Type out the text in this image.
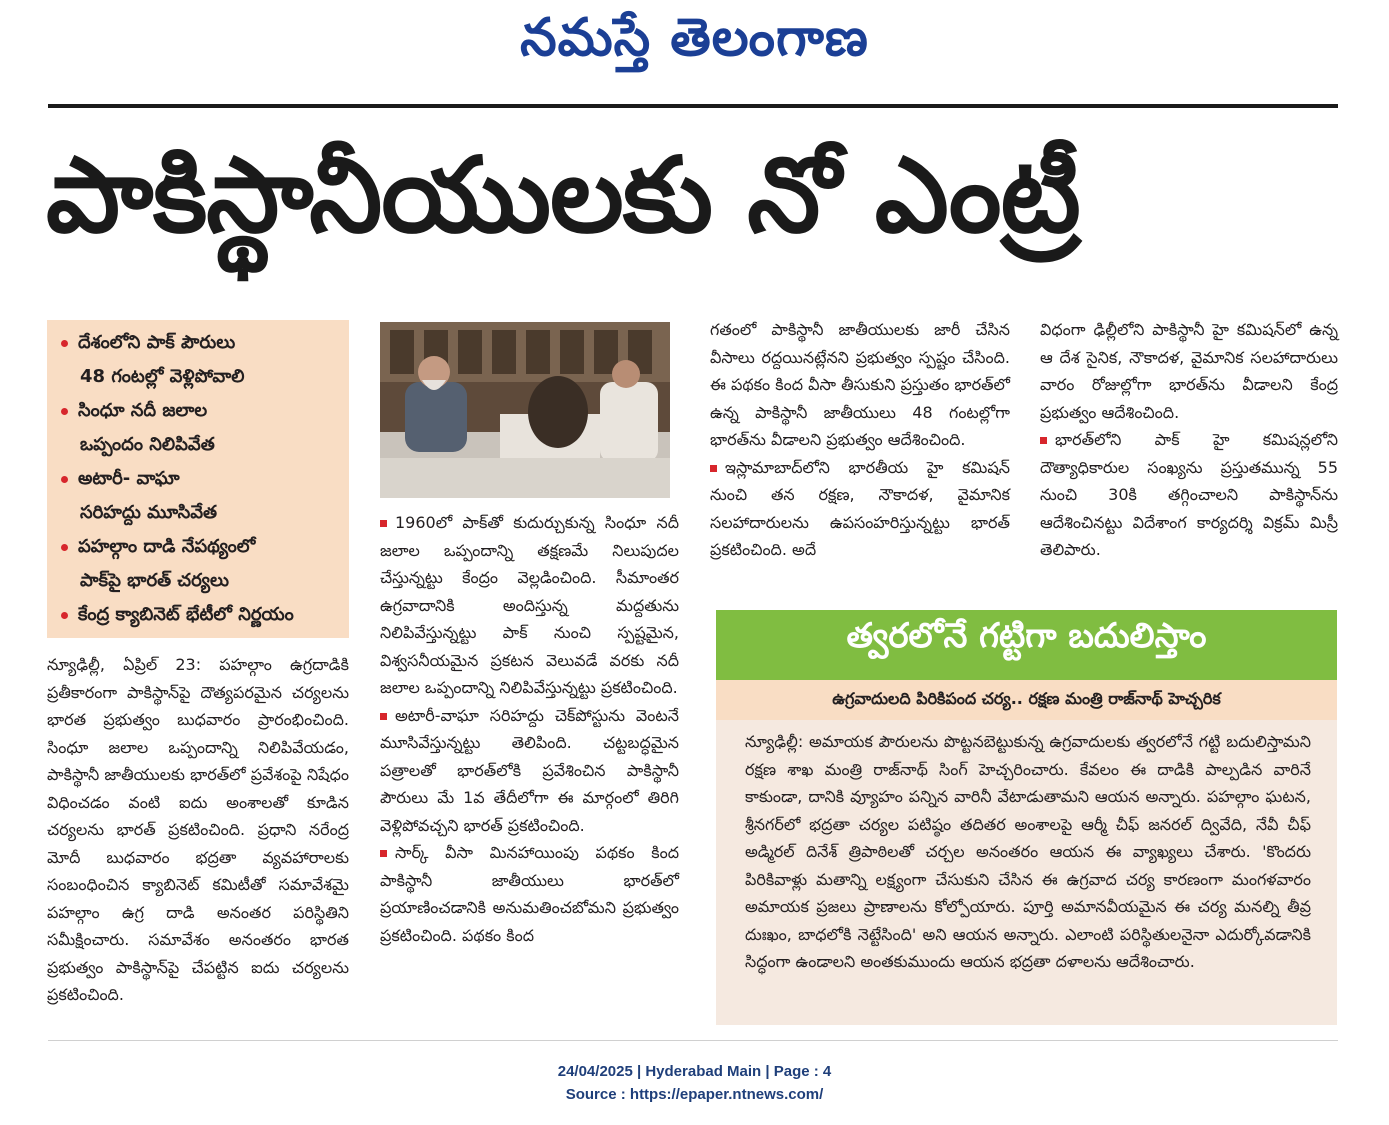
నమస్తే తెలంగాణ
పాకిస్థానీయులకు నో ఎంట్రీ
దేశంలోని పాక్ పౌరులు
48 గంటల్లో వెళ్లిపోవాలి
సింధూ నదీ జలాల
ఒప్పందం నిలిపివేత
అటారీ- వాఘా
సరిహద్దు మూసివేత
పహల్గాం దాడి నేపథ్యంలో
పాక్‌పై భారత్ చర్యలు
కేంద్ర క్యాబినెట్ భేటీలో నిర్ణయం

న్యూఢిల్లీ, ఏప్రిల్ 23: పహల్గాం ఉగ్రదాడికి ప్రతీకారంగా పాకిస్థాన్‌పై దౌత్యపరమైన చర్యలను భారత ప్రభుత్వం బుధవారం ప్రారంభించింది. సింధూ జలాల ఒప్పందాన్ని నిలిపివేయడం, పాకిస్థానీ జాతీయులకు భారత్‌లో ప్రవేశంపై నిషేధం విధించడం వంటి ఐదు అంశాలతో కూడిన చర్యలను భారత్ ప్రకటించింది. ప్రధాని నరేంద్ర మోదీ బుధవారం భద్రతా వ్యవహారాలకు సంబంధించిన క్యాబినెట్ కమిటీతో సమావేశమై పహల్గాం ఉగ్ర దాడి అనంతర పరిస్థితిని సమీక్షించారు. సమావేశం అనంతరం భారత ప్రభుత్వం పాకిస్థాన్‌పై చేపట్టిన ఐదు చర్యలను ప్రకటించింది.

1960లో పాక్‌తో కుదుర్చుకున్న సింధూ నదీ జలాల ఒప్పందాన్ని తక్షణమే నిలుపుదల చేస్తున్నట్టు కేంద్రం వెల్లడించింది. సీమాంతర ఉగ్రవాదానికి అందిస్తున్న మద్దతును నిలిపివేస్తున్నట్టు పాక్ నుంచి స్పష్టమైన, విశ్వసనీయమైన ప్రకటన వెలువడే వరకు నదీ జలాల ఒప్పందాన్ని నిలిపివేస్తున్నట్టు ప్రకటించింది.

అటారీ-వాఘా సరిహద్దు చెక్‌పోస్టును వెంటనే మూసివేస్తున్నట్టు తెలిపింది. చట్టబద్ధమైన పత్రాలతో భారత్‌లోకి ప్రవేశించిన పాకిస్థానీ పౌరులు మే 1వ తేదీలోగా ఈ మార్గంలో తిరిగి వెళ్లిపోవచ్చని భారత్ ప్రకటించింది.

సార్క్ వీసా మినహాయింపు పథకం కింద పాకిస్థానీ జాతీయులు భారత్‌లో ప్రయాణించడానికి అనుమతించబోమని ప్రభుత్వం ప్రకటించింది. పథకం కింద

గతంలో పాకిస్థానీ జాతీయులకు జారీ చేసిన వీసాలు రద్దయినట్లేనని ప్రభుత్వం స్పష్టం చేసింది. ఈ పథకం కింద వీసా తీసుకుని ప్రస్తుతం భారత్‌లో ఉన్న పాకిస్థానీ జాతీయులు 48 గంటల్లోగా భారత్‌ను వీడాలని ప్రభుత్వం ఆదేశించింది.

ఇస్లామాబాద్‌లోని భారతీయ హై కమిషన్ నుంచి తన రక్షణ, నౌకాదళ, వైమానిక సలహాదారులను ఉపసంహరిస్తున్నట్టు భారత్ ప్రకటించింది. అదే

విధంగా ఢిల్లీలోని పాకిస్థానీ హై కమిషన్‌లో ఉన్న ఆ దేశ సైనిక, నౌకాదళ, వైమానిక సలహాదారులు వారం రోజుల్లోగా భారత్‌ను వీడాలని కేంద్ర ప్రభుత్వం ఆదేశించింది.

భారత్‌లోని పాక్ హై కమిషన్లలోని దౌత్యాధికారుల సంఖ్యను ప్రస్తుతమున్న 55 నుంచి 30కి తగ్గించాలని పాకిస్థాన్‌ను ఆదేశించినట్టు విదేశాంగ కార్యదర్శి విక్రమ్ మిస్రీ తెలిపారు.

త్వరలోనే గట్టిగా బదులిస్తాం
ఉగ్రవాదులది పిరికిపంద చర్య.. రక్షణ మంత్రి రాజ్‌నాథ్ హెచ్చరిక

న్యూఢిల్లీ: అమాయక పౌరులను పొట్టనబెట్టుకున్న ఉగ్రవాదులకు త్వరలోనే గట్టి బదులిస్తామని రక్షణ శాఖ మంత్రి రాజ్‌నాథ్ సింగ్ హెచ్చరించారు. కేవలం ఈ దాడికి పాల్పడిన వారినే కాకుండా, దానికి వ్యూహం పన్నిన వారినీ వేటాడుతామని ఆయన అన్నారు. పహల్గాం ఘటన, శ్రీనగర్‌లో భద్రతా చర్యల పటిష్ఠం తదితర అంశాలపై ఆర్మీ చీఫ్ జనరల్ ద్వివేది, నేవీ చీఫ్ అడ్మిరల్ దినేశ్ త్రిపాఠిలతో చర్చల అనంతరం ఆయన ఈ వ్యాఖ్యలు చేశారు. 'కొందరు పిరికివాళ్లు మతాన్ని లక్ష్యంగా చేసుకుని చేసిన ఈ ఉగ్రవాద చర్య కారణంగా మంగళవారం అమాయక ప్రజలు ప్రాణాలను కోల్పోయారు. పూర్తి అమానవీయమైన ఈ చర్య మనల్ని తీవ్ర దుఃఖం, బాధలోకి నెట్టేసింది' అని ఆయన అన్నారు. ఎలాంటి పరిస్థితులనైనా ఎదుర్కోవడానికి సిద్ధంగా ఉండాలని అంతకుముందు ఆయన భద్రతా దళాలను ఆదేశించారు.

24/04/2025 | Hyderabad Main | Page : 4
Source : https://epaper.ntnews.com/
